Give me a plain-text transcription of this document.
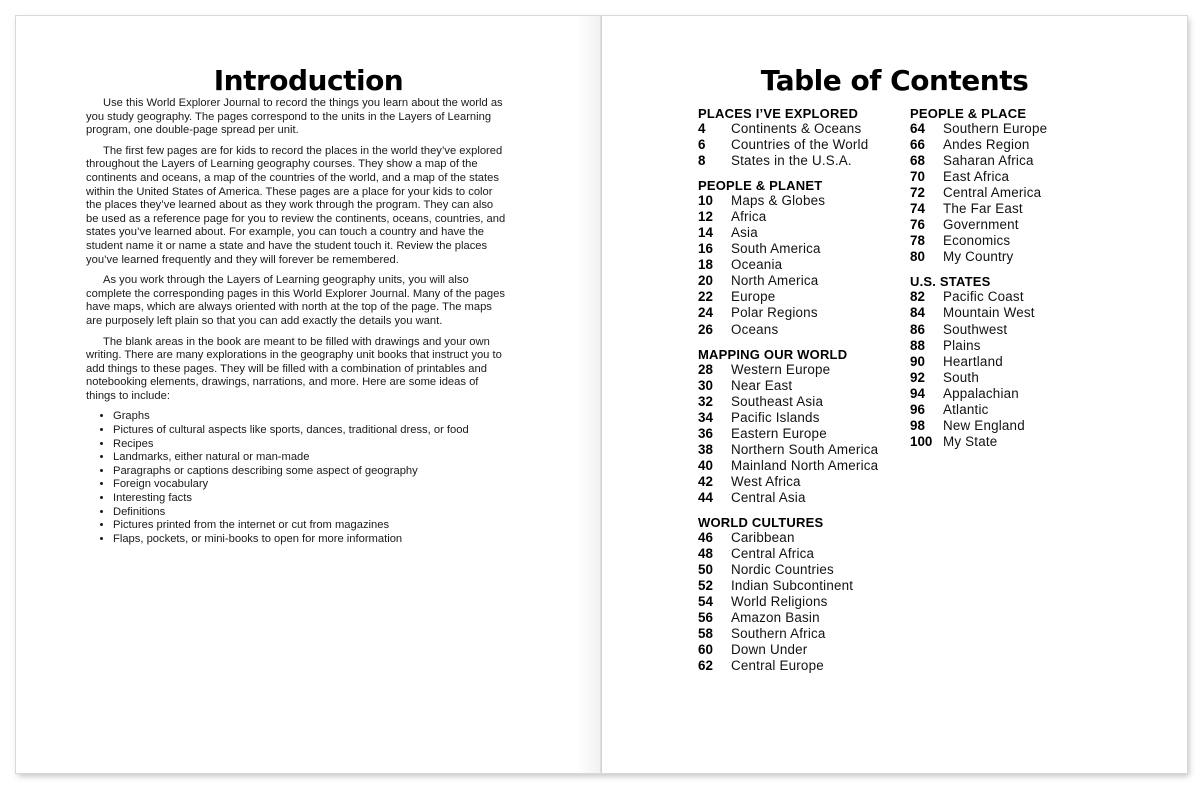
Introduction

Use this World Explorer Journal to record the things you learn about the world as you study geography. The pages correspond to the units in the Layers of Learning program, one double-page spread per unit.

The first few pages are for kids to record the places in the world they’ve explored throughout the Layers of Learning geography courses. They show a map of the continents and oceans, a map of the countries of the world, and a map of the states within the United States of America. These pages are a place for your kids to color the places they’ve learned about as they work through the program. They can also be used as a reference page for you to review the continents, oceans, countries, and states you’ve learned about. For example, you can touch a country and have the student name it or name a state and have the student touch it. Review the places you’ve learned frequently and they will forever be remembered.

As you work through the Layers of Learning geography units, you will also complete the corresponding pages in this World Explorer Journal. Many of the pages have maps, which are always oriented with north at the top of the page. The maps are purposely left plain so that you can add exactly the details you want.

The blank areas in the book are meant to be filled with drawings and your own writing. There are many explorations in the geography unit books that instruct you to add things to these pages. They will be filled with a combination of printables and notebooking elements, drawings, narrations, and more. Here are some ideas of things to include:

• Graphs
• Pictures of cultural aspects like sports, dances, traditional dress, or food
• Recipes
• Landmarks, either natural or man-made
• Paragraphs or captions describing some aspect of geography
• Foreign vocabulary
• Interesting facts
• Definitions
• Pictures printed from the internet or cut from magazines
• Flaps, pockets, or mini-books to open for more information
Table of Contents
PLACES I’VE EXPLORED
4 Continents & Oceans
6 Countries of the World
8 States in the U.S.A.
PEOPLE & PLANET
10 Maps & Globes
12 Africa
14 Asia
16 South America
18 Oceania
20 North America
22 Europe
24 Polar Regions
26 Oceans
MAPPING OUR WORLD
28 Western Europe
30 Near East
32 Southeast Asia
34 Pacific Islands
36 Eastern Europe
38 Northern South America
40 Mainland North America
42 West Africa
44 Central Asia
WORLD CULTURES
46 Caribbean
48 Central Africa
50 Nordic Countries
52 Indian Subcontinent
54 World Religions
56 Amazon Basin
58 Southern Africa
60 Down Under
62 Central Europe
PEOPLE & PLACE
64 Southern Europe
66 Andes Region
68 Saharan Africa
70 East Africa
72 Central America
74 The Far East
76 Government
78 Economics
80 My Country
U.S. STATES
82 Pacific Coast
84 Mountain West
86 Southwest
88 Plains
90 Heartland
92 South
94 Appalachian
96 Atlantic
98 New England
100 My State
